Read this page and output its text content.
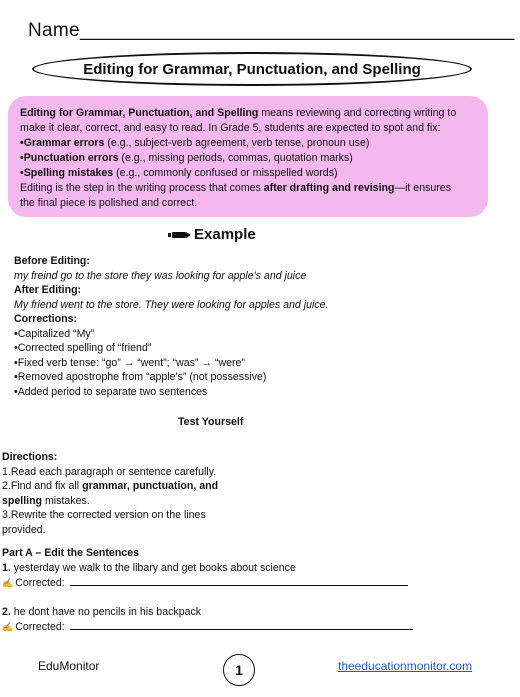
Name________________________________________
Editing for Grammar, Punctuation, and Spelling
Editing for Grammar, Punctuation, and Spelling means reviewing and correcting writing to
make it clear, correct, and easy to read. In Grade 5, students are expected to spot and fix:
•Grammar errors (e.g., subject-verb agreement, verb tense, pronoun use)
•Punctuation errors (e.g., missing periods, commas, quotation marks)
•Spelling mistakes (e.g., commonly confused or misspelled words)
Editing is the step in the writing process that comes after drafting and revising—it ensures
the final piece is polished and correct.
Example
Before Editing:
my freind go to the store they was looking for apple's and juice
After Editing:
My friend went to the store. They were looking for apples and juice.
Corrections:
•Capitalized “My”
•Corrected spelling of “friend”
•Fixed verb tense: “go” → “went”; “was” → “were”
•Removed apostrophe from “apple's” (not possessive)
•Added period to separate two sentences
Test Yourself
Directions:
1.Read each paragraph or sentence carefully.
2.Find and fix all grammar, punctuation, and
spelling mistakes.
3.Rewrite the corrected version on the lines
provided.
Part A – Edit the Sentences
1. yesterday we walk to the libary and get books about science
✍ Corrected:
2. he dont have no pencils in his backpack
✍ Corrected:
EduMonitor	1	theeducationmonitor.com
